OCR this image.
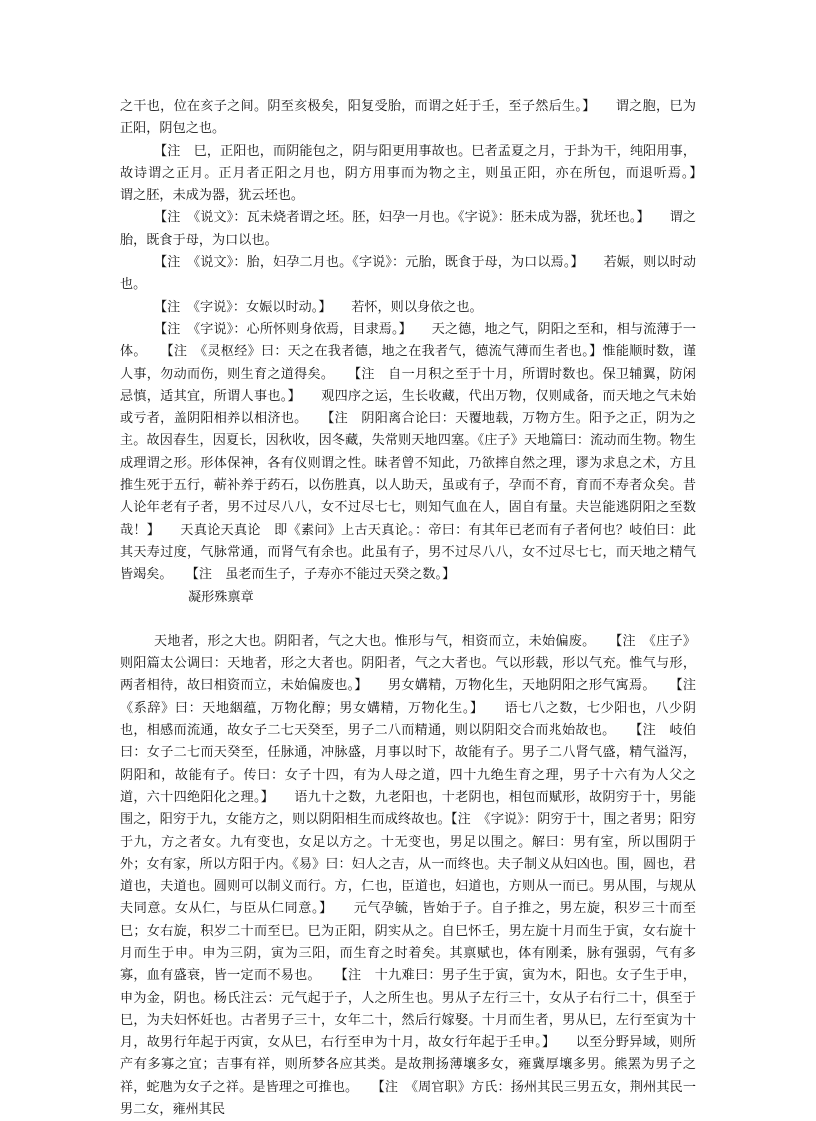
之干也，位在亥子之间。阴至亥极矣，阳复受胎，而谓之妊于壬，至子然后生。】　　谓之胞，巳为正阳，阴包之也。

【注　巳，正阳也，而阴能包之，阴与阳更用事故也。巳者孟夏之月，于卦为干，纯阳用事，故诗谓之正月。正月者正阳之月也，阴方用事而为物之主，则虽正阳，亦在所包，而退听焉。】　　谓之胚，未成为器，犹云坯也。

【注　《说文》：瓦未烧者谓之坯。胚，妇孕一月也。《字说》：胚未成为器，犹坯也。】　　谓之胎，既食于母，为口以也。

【注　《说文》：胎，妇孕二月也。《字说》：元胎，既食于母，为口以焉。】　　若娠，则以时动也。

【注　《字说》：女娠以时动。】　　若怀，则以身依之也。

【注　《字说》：心所怀则身依焉，目隶焉。】　　天之德，地之气，阴阳之至和，相与流薄于一体。　　【注　《灵枢经》曰：天之在我者德，地之在我者气，德流气薄而生者也。】惟能顺时数，谨人事，勿动而伤，则生育之道得矣。　　【注　自一月积之至于十月，所谓时数也。保卫辅翼，防闲忌慎，适其宜，所谓人事也。】　　观四序之运，生长收藏，代出万物，仅则咸备，而天地之气未始或亏者，盖阴阳相养以相济也。　　【注　阴阳离合论曰：天覆地载，万物方生。阳予之正，阴为之主。故因春生，因夏长，因秋收，因冬藏，失常则天地四塞。《庄子》天地篇曰：流动而生物。物生成理谓之形。形体保神，各有仪则谓之性。昧者曾不知此，乃欲摔自然之理，谬为求息之术，方且推生死于五行，蕲补养于药石，以伤胜真，以人助天，虽或有子，孕而不育，育而不寿者众矣。昔人论年老有子者，男不过尽八八，女不过尽七七，则知气血在人，固自有量。夫岂能逃阴阳之至数哉！】　　天真论天真论　即《素问》上古天真论。：帝曰：有其年已老而有子者何也？岐伯曰：此其天寿过度，气脉常通，而肾气有余也。此虽有子，男不过尽八八，女不过尽七七，而天地之精气皆竭矣。　　【注　虽老而生子，子寿亦不能过天癸之数。】

凝形殊禀章

天地者，形之大也。阴阳者，气之大也。惟形与气，相资而立，未始偏废。　　【注　《庄子》则阳篇太公调曰：天地者，形之大者也。阴阳者，气之大者也。气以形载，形以气充。惟气与形，两者相待，故曰相资而立，未始偏废也。】　　男女媾精，万物化生，天地阴阳之形气寓焉。　　【注　《系辞》曰：天地絪蕴，万物化醇；男女媾精，万物化生。】　　语七八之数，七少阳也，八少阴也，相感而流通，故女子二七天癸至，男子二八而精通，则以阴阳交合而兆始故也。　　【注　岐伯曰：女子二七而天癸至，任脉通，冲脉盛，月事以时下，故能有子。男子二八肾气盛，精气溢泻，阴阳和，故能有子。传曰：女子十四，有为人母之道，四十九绝生育之理，男子十六有为人父之道，六十四绝阳化之理。】　　语九十之数，九老阳也，十老阴也，相包而赋形，故阴穷于十，男能围之，阳穷于九，女能方之，则以阴阳相生而成终故也。【注　《字说》：阴穷于十，围之者男；阳穷于九，方之者女。九有变也，女足以方之。十无变也，男足以围之。解曰：男有室，所以围阴于外；女有家，所以方阳于内。《易》曰：妇人之吉，从一而终也。夫子制义从妇凶也。围，圆也，君道也，夫道也。圆则可以制义而行。方，仁也，臣道也，妇道也，方则从一而已。男从围，与规从夫同意。女从仁，与臣从仁同意。】　　元气孕毓，皆始于子。自子推之，男左旋，积岁三十而至巳；女右旋，积岁二十而至巳。巳为正阳，阴实从之。自巳怀壬，男左旋十月而生于寅，女右旋十月而生于申。申为三阴，寅为三阳，而生育之时着矣。其禀赋也，体有刚柔，脉有强弱，气有多寡，血有盛衰，皆一定而不易也。　　【注　十九难曰：男子生于寅，寅为木，阳也。女子生于申，申为金，阴也。杨氏注云：元气起于子，人之所生也。男从子左行三十，女从子右行二十，俱至于巳，为夫妇怀妊也。古者男子三十，女年二十，然后行嫁娶。十月而生者，男从巳，左行至寅为十月，故男行年起于丙寅，女从巳，右行至申为十月，故女行年起于壬申。】　　以至分野异域，则所产有多寡之宜；吉事有祥，则所梦各应其类。是故荆扬薄壤多女，雍冀厚壤多男。熊罴为男子之祥，蛇虺为女子之祥。是皆理之可推也。　　【注　《周官职》方氏：扬州其民三男五女，荆州其民一男二女，雍州其民
